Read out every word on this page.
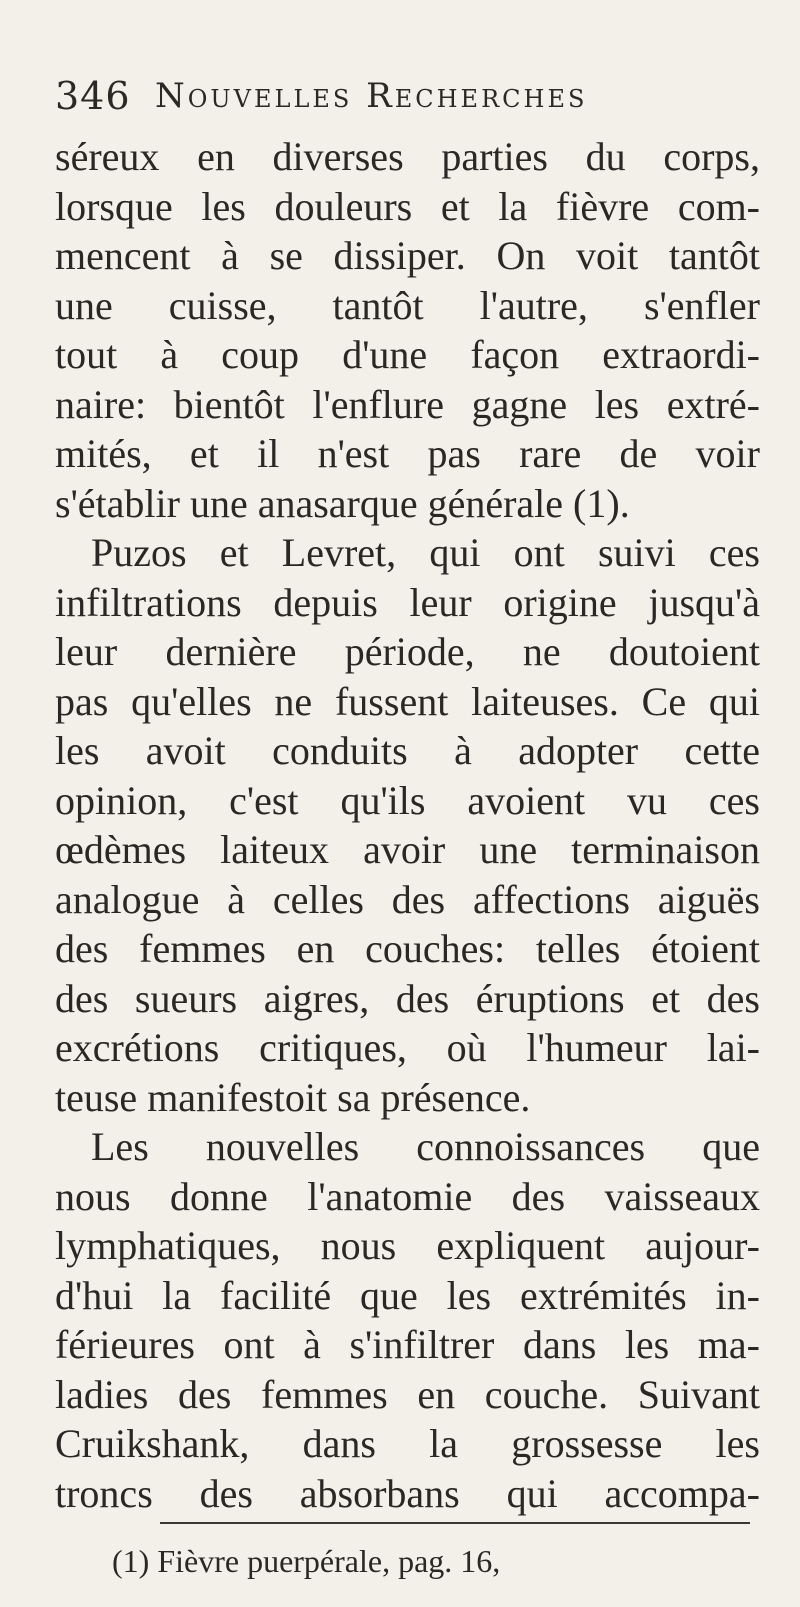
346 Nouvelles Recherches
séreux en diverses parties du corps,
lorsque les douleurs et la fièvre com-
mencent à se dissiper. On voit tantôt
une cuisse, tantôt l'autre, s'enfler
tout à coup d'une façon extraordi-
naire: bientôt l'enflure gagne les extré-
mités, et il n'est pas rare de voir
s'établir une anasarque générale (1).
Puzos et Levret, qui ont suivi ces
infiltrations depuis leur origine jusqu'à
leur dernière période, ne doutoient
pas qu'elles ne fussent laiteuses. Ce qui
les avoit conduits à adopter cette
opinion, c'est qu'ils avoient vu ces
œdèmes laiteux avoir une terminaison
analogue à celles des affections aiguës
des femmes en couches: telles étoient
des sueurs aigres, des éruptions et des
excrétions critiques, où l'humeur lai-
teuse manifestoit sa présence.
Les nouvelles connoissances que
nous donne l'anatomie des vaisseaux
lymphatiques, nous expliquent aujour-
d'hui la facilité que les extrémités in-
férieures ont à s'infiltrer dans les ma-
ladies des femmes en couche. Suivant
Cruikshank, dans la grossesse les
troncs des absorbans qui accompa-
(1) Fièvre puerpérale, pag. 16,
